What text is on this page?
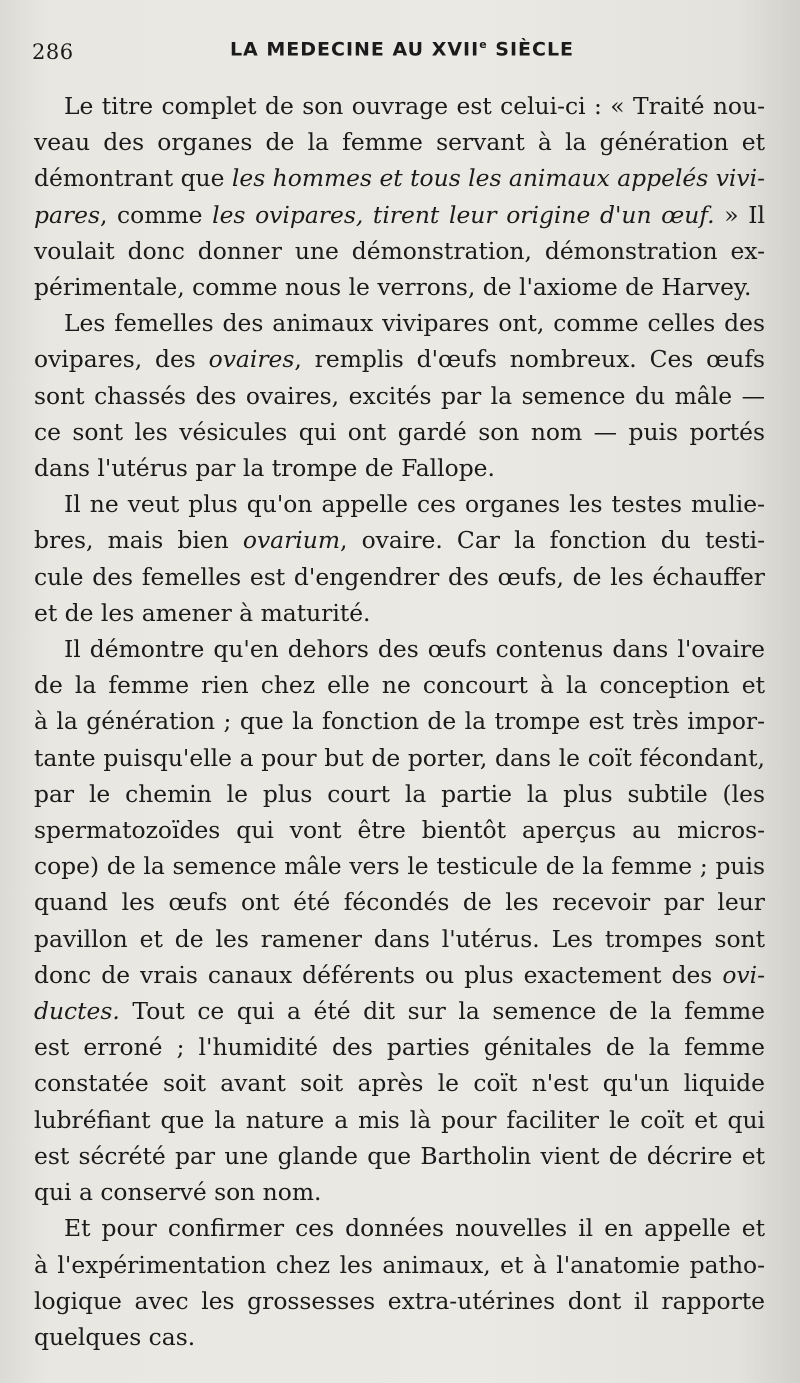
286	LA MEDECINE AU XVIIe SIÈCLE

Le titre complet de son ouvrage est celui-ci : « Traité nou-
veau des organes de la femme servant à la génération et
démontrant que les hommes et tous les animaux appelés vivi-
pares, comme les ovipares, tirent leur origine d'un œuf. » Il
voulait donc donner une démonstration, démonstration ex-
périmentale, comme nous le verrons, de l'axiome de Harvey.

Les femelles des animaux vivipares ont, comme celles des
ovipares, des ovaires, remplis d'œufs nombreux. Ces œufs
sont chassés des ovaires, excités par la semence du mâle —
ce sont les vésicules qui ont gardé son nom — puis portés
dans l'utérus par la trompe de Fallope.

Il ne veut plus qu'on appelle ces organes les testes mulie-
bres, mais bien ovarium, ovaire. Car la fonction du testi-
cule des femelles est d'engendrer des œufs, de les échauffer
et de les amener à maturité.

Il démontre qu'en dehors des œufs contenus dans l'ovaire
de la femme rien chez elle ne concourt à la conception et
à la génération ; que la fonction de la trompe est très impor-
tante puisqu'elle a pour but de porter, dans le coït fécondant,
par le chemin le plus court la partie la plus subtile (les
spermatozoïdes qui vont être bientôt aperçus au micros-
cope) de la semence mâle vers le testicule de la femme ; puis
quand les œufs ont été fécondés de les recevoir par leur
pavillon et de les ramener dans l'utérus. Les trompes sont
donc de vrais canaux déférents ou plus exactement des ovi-
ductes. Tout ce qui a été dit sur la semence de la femme
est erroné ; l'humidité des parties génitales de la femme
constatée soit avant soit après le coït n'est qu'un liquide
lubréfiant que la nature a mis là pour faciliter le coït et qui
est sécrété par une glande que Bartholin vient de décrire et
qui a conservé son nom.

Et pour confirmer ces données nouvelles il en appelle et
à l'expérimentation chez les animaux, et à l'anatomie patho-
logique avec les grossesses extra-utérines dont il rapporte
quelques cas.
